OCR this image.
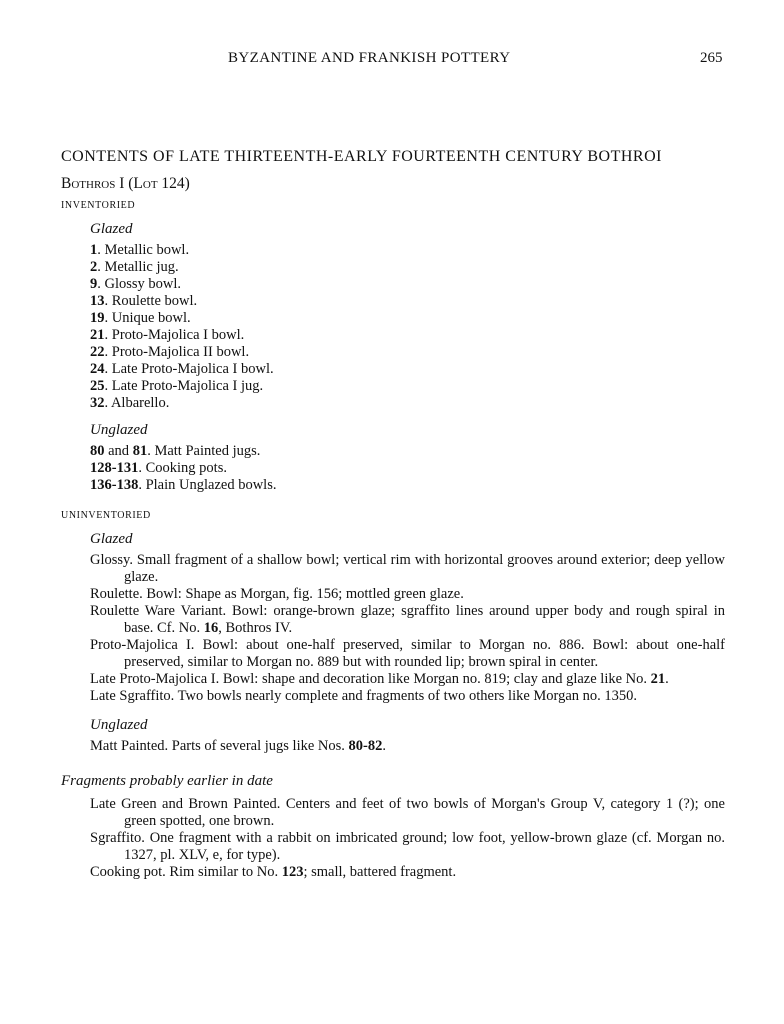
BYZANTINE AND FRANKISH POTTERY	265
CONTENTS OF LATE THIRTEENTH-EARLY FOURTEENTH CENTURY BOTHROI
Bothros I (Lot 124)
INVENTORIED
Glazed
1. Metallic bowl.
2. Metallic jug.
9. Glossy bowl.
13. Roulette bowl.
19. Unique bowl.
21. Proto-Majolica I bowl.
22. Proto-Majolica II bowl.
24. Late Proto-Majolica I bowl.
25. Late Proto-Majolica I jug.
32. Albarello.
Unglazed
80 and 81. Matt Painted jugs.
128-131. Cooking pots.
136-138. Plain Unglazed bowls.
UNINVENTORIED
Glazed

Glossy. Small fragment of a shallow bowl; vertical rim with horizontal grooves around exterior; deep yellow glaze.

Roulette. Bowl: Shape as Morgan, fig. 156; mottled green glaze.

Roulette Ware Variant. Bowl: orange-brown glaze; sgraffito lines around upper body and rough spiral in base. Cf. No. 16, Bothros IV.

Proto-Majolica I. Bowl: about one-half preserved, similar to Morgan no. 886. Bowl: about one-half preserved, similar to Morgan no. 889 but with rounded lip; brown spiral in center.

Late Proto-Majolica I. Bowl: shape and decoration like Morgan no. 819; clay and glaze like No. 21.

Late Sgraffito. Two bowls nearly complete and fragments of two others like Morgan no. 1350.

Unglazed

Matt Painted. Parts of several jugs like Nos. 80-82.

Fragments probably earlier in date

Late Green and Brown Painted. Centers and feet of two bowls of Morgan's Group V, category 1 (?); one green spotted, one brown.

Sgraffito. One fragment with a rabbit on imbricated ground; low foot, yellow-brown glaze (cf. Morgan no. 1327, pl. XLV, e, for type).

Cooking pot. Rim similar to No. 123; small, battered fragment.
